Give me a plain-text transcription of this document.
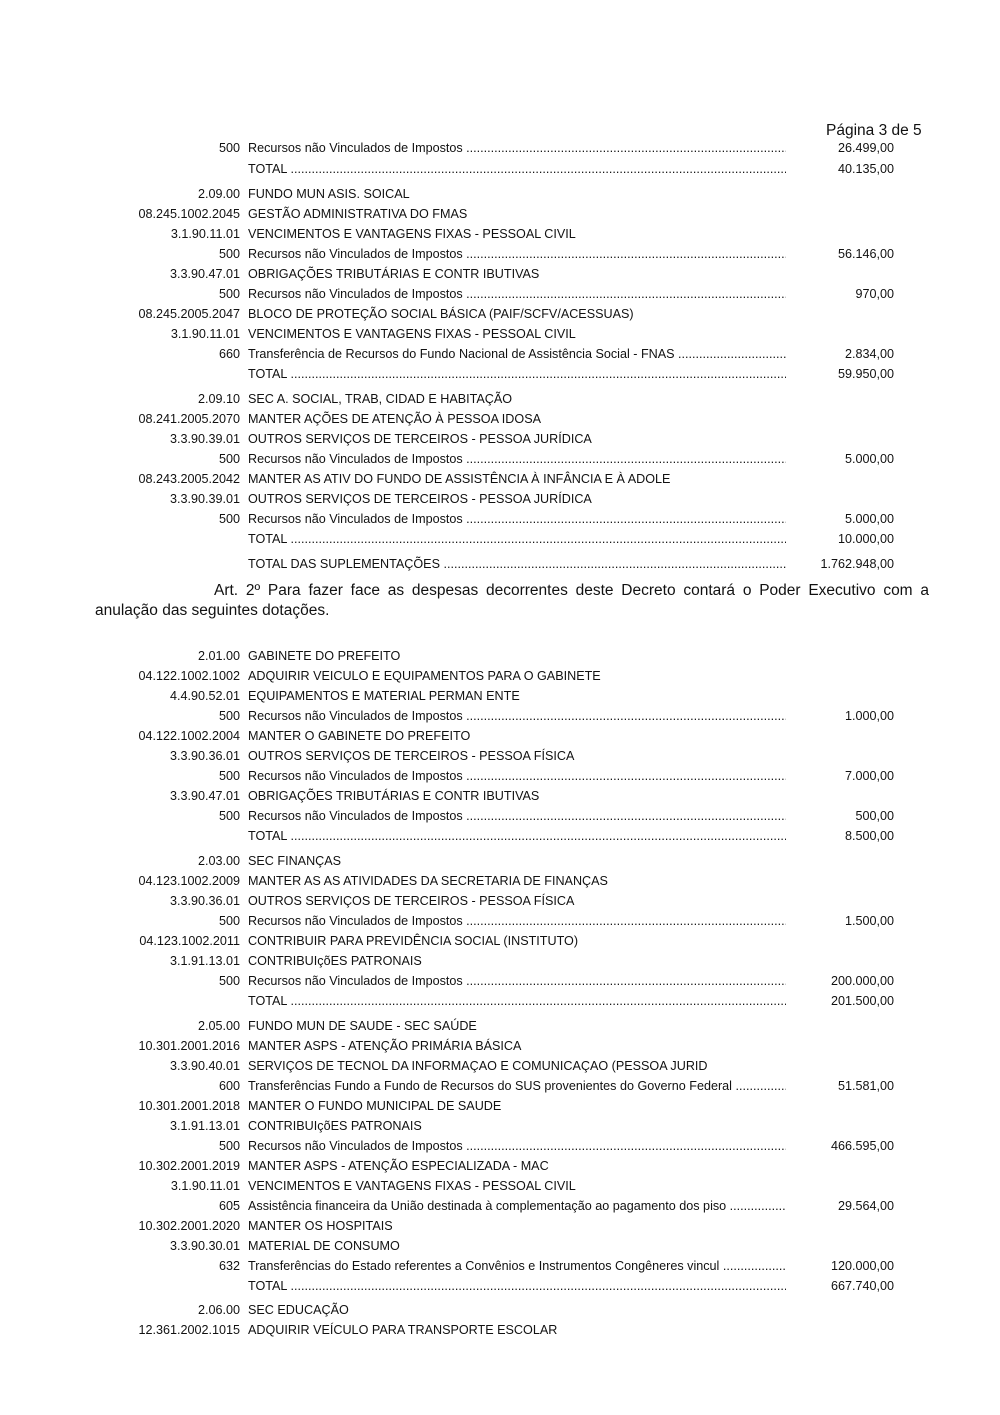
Página 3 de 5
500 Recursos não Vinculados de Impostos .....	26.499,00
TOTAL .....	40.135,00
2.09.00 FUNDO MUN ASIS. SOICAL
08.245.1002.2045 GESTÃO ADMINISTRATIVA DO FMAS
3.1.90.11.01 VENCIMENTOS E VANTAGENS FIXAS - PESSOAL CIVIL
500 Recursos não Vinculados de Impostos .....	56.146,00
3.3.90.47.01 OBRIGAÇÕES TRIBUTÁRIAS E CONTR IBUTIVAS
500 Recursos não Vinculados de Impostos .....	970,00
08.245.2005.2047 BLOCO DE PROTEÇÃO SOCIAL BÁSICA (PAIF/SCFV/ACESSUAS)
3.1.90.11.01 VENCIMENTOS E VANTAGENS FIXAS - PESSOAL CIVIL
660 Transferência de Recursos do Fundo Nacional de Assistência Social - FNAS .....	2.834,00
TOTAL .....	59.950,00
2.09.10 SEC A. SOCIAL, TRAB, CIDAD E HABITAÇÃO
08.241.2005.2070 MANTER AÇÕES DE ATENÇÃO À PESSOA IDOSA
3.3.90.39.01 OUTROS SERVIÇOS DE TERCEIROS - PESSOA JURÍDICA
500 Recursos não Vinculados de Impostos .....	5.000,00
08.243.2005.2042 MANTER AS ATIV DO FUNDO DE ASSISTÊNCIA À INFÂNCIA E À ADOLE
3.3.90.39.01 OUTROS SERVIÇOS DE TERCEIROS - PESSOA JURÍDICA
500 Recursos não Vinculados de Impostos .....	5.000,00
TOTAL .....	10.000,00
TOTAL DAS SUPLEMENTAÇÕES .....	1.762.948,00
Art. 2º Para fazer face as despesas decorrentes deste Decreto contará o Poder Executivo com a anulação das seguintes dotações.
2.01.00 GABINETE DO PREFEITO
04.122.1002.1002 ADQUIRIR VEICULO E EQUIPAMENTOS PARA O GABINETE
4.4.90.52.01 EQUIPAMENTOS E MATERIAL PERMAN ENTE
500 Recursos não Vinculados de Impostos .....	1.000,00
04.122.1002.2004 MANTER O GABINETE DO PREFEITO
3.3.90.36.01 OUTROS SERVIÇOS DE TERCEIROS - PESSOA FÍSICA
500 Recursos não Vinculados de Impostos .....	7.000,00
3.3.90.47.01 OBRIGAÇÕES TRIBUTÁRIAS E CONTR IBUTIVAS
500 Recursos não Vinculados de Impostos .....	500,00
TOTAL .....	8.500,00
2.03.00 SEC FINANÇAS
04.123.1002.2009 MANTER AS AS ATIVIDADES DA SECRETARIA DE FINANÇAS
3.3.90.36.01 OUTROS SERVIÇOS DE TERCEIROS - PESSOA FÍSICA
500 Recursos não Vinculados de Impostos .....	1.500,00
04.123.1002.2011 CONTRIBUIR PARA PREVIDÊNCIA SOCIAL (INSTITUTO)
3.1.91.13.01 CONTRIBUIçõES PATRONAIS
500 Recursos não Vinculados de Impostos .....	200.000,00
TOTAL .....	201.500,00
2.05.00 FUNDO MUN DE SAUDE - SEC SAÚDE
10.301.2001.2016 MANTER ASPS - ATENÇÃO PRIMÁRIA BÁSICA
3.3.90.40.01 SERVIÇOS DE TECNOL DA INFORMAÇAO E COMUNICAÇAO (PESSOA JURID
600 Transferências Fundo a Fundo de Recursos do SUS provenientes do Governo Federal .....	51.581,00
10.301.2001.2018 MANTER O FUNDO MUNICIPAL DE SAUDE
3.1.91.13.01 CONTRIBUIçõES PATRONAIS
500 Recursos não Vinculados de Impostos .....	466.595,00
10.302.2001.2019 MANTER ASPS - ATENÇÃO ESPECIALIZADA - MAC
3.1.90.11.01 VENCIMENTOS E VANTAGENS FIXAS - PESSOAL CIVIL
605 Assistência financeira da União destinada à complementação ao pagamento dos piso .....	29.564,00
10.302.2001.2020 MANTER OS HOSPITAIS
3.3.90.30.01 MATERIAL DE CONSUMO
632 Transferências do Estado referentes a Convênios e Instrumentos Congêneres vincul .....	120.000,00
TOTAL .....	667.740,00
2.06.00 SEC EDUCAÇÃO
12.361.2002.1015 ADQUIRIR VEÍCULO PARA TRANSPORTE ESCOLAR
